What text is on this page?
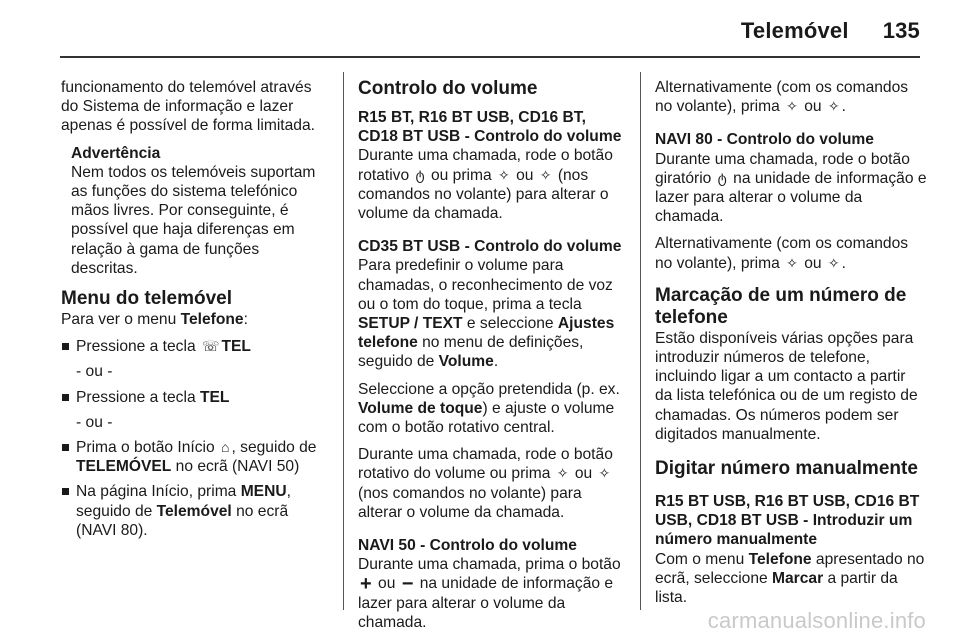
Telemóvel 135

funcionamento do telemóvel através do Sistema de informação e lazer apenas é possível de forma limitada.

Advertência
Nem todos os telemóveis suportam as funções do sistema telefónico mãos livres. Por conseguinte, é possível que haja diferenças em relação à gama de funções descritas.
Menu do telemóvel

Para ver o menu Telefone:

Pressione a tecla ☏ TEL
- ou -
Pressione a tecla TEL
- ou -
Prima o botão Início ⌂ , seguido de TELEMÓVEL no ecrã (NAVI 50)
Na página Início, prima MENU, seguido de Telemóvel no ecrã (NAVI 80).
Controlo do volume
R15 BT, R16 BT USB, CD16 BT, CD18 BT USB - Controlo do volume

Durante uma chamada, rode o botão rotativo ტ ou prima ✧ ou ✧ (nos comandos no volante) para alterar o volume da chamada.

CD35 BT USB - Controlo do volume

Para predefinir o volume para chamadas, o reconhecimento de voz ou o tom do toque, prima a tecla SETUP / TEXT e seleccione Ajustes telefone no menu de definições, seguido de Volume.

Seleccione a opção pretendida (p. ex. Volume de toque) e ajuste o volume com o botão rotativo central.

Durante uma chamada, rode o botão rotativo do volume ou prima ✧ ou ✧ (nos comandos no volante) para alterar o volume da chamada.

NAVI 50 - Controlo do volume

Durante uma chamada, prima o botão + ou − na unidade de informação e lazer para alterar o volume da chamada.

Alternativamente (com os comandos no volante), prima ✧ ou ✧ .

NAVI 80 - Controlo do volume

Durante uma chamada, rode o botão giratório ტ na unidade de informação e lazer para alterar o volume da chamada.

Alternativamente (com os comandos no volante), prima ✧ ou ✧ .

Marcação de um número de telefone

Estão disponíveis várias opções para introduzir números de telefone, incluindo ligar a um contacto a partir da lista telefónica ou de um registo de chamadas. Os números podem ser digitados manualmente.

Digitar número manualmente
R15 BT USB, R16 BT USB, CD16 BT USB, CD18 BT USB - Introduzir um número manualmente

Com o menu Telefone apresentado no ecrã, seleccione Marcar a partir da lista.

carmanualsonline.info
